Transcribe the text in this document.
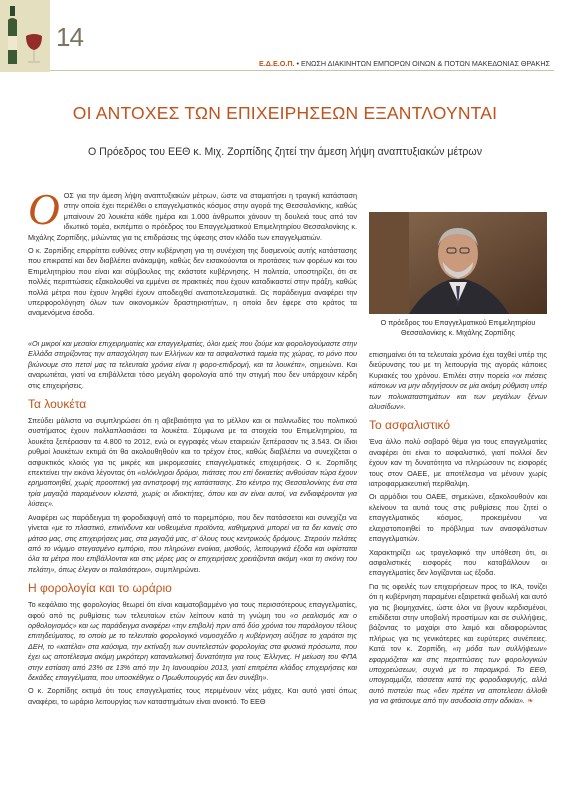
14
Ε.Δ.Ε.Ο.Π. • ΕΝΩΣΗ ΔΙΑΚΙΝΗΤΩΝ ΕΜΠΟΡΩΝ ΟΙΝΩΝ & ΠΟΤΩΝ ΜΑΚΕΔΟΝΙΑΣ ΘΡΑΚΗΣ
ΟΙ ΑΝΤΟΧΕΣ ΤΩΝ ΕΠΙΧΕΙΡΗΣΕΩΝ ΕΞΑΝΤΛΟΥΝΤΑΙ
Ο Πρόεδρος του ΕΕΘ κ. Μιχ. Ζορπίδης ζητεί την άμεση λήψη αναπτυξιακών μέτρων

ΟΟΣ για την άμεση λήψη αναπτυξιακών μέτρων, ώστε να σταματήσει η τραγική κατάσταση στην οποία έχει περιέλθει ο επαγγελματικός κόσμος στην αγορά της Θεσσαλονίκης, καθώς μπαίνουν 20 λουκέτα κάθε ημέρα και 1.000 άνθρωποι χάνουν τη δουλειά τους από τον ιδιωτικό τομέα, εκπέμπει ο πρόεδρος του Επαγγελματικού Επιμελητηρίου Θεσσαλονίκης κ. Μιχάλης Ζορπίδης, μιλώντας για τις επιδράσεις της ύφεσης στον κλάδο των επαγγελματιών.

Ο κ. Ζορπίδης επιρρίπτει ευθύνες στην κυβέρνηση για τη συνέχιση της δυσμενούς αυτής κατάστασης που επικρατεί και δεν διαβλέπει ανάκαμψη, καθώς δεν εισακούονται οι προτάσεις των φορέων και του Επιμελητηρίου που είναι και σύμβουλος της εκάστοτε κυβέρνησης. Η πολιτεία, υποστηρίζει, ότι σε πολλές περιπτώσεις εξακολουθεί να εμμένει σε πρακτικές που έχουν καταδικαστεί στην πράξη, καθώς πολλά μέτρα που έχουν ληφθεί έχουν αποδειχθεί αναποτελεσματικά. Ως παράδειγμα αναφέρει την υπερφορολόγηση όλων των οικονομικών δραστηριοτήτων, η οποία δεν έφερε στο κράτος τα αναμενόμενα έσοδα.

Ο πρόεδρος του Επαγγελματικού Επιμελητηρίου Θεσσαλονίκης κ. Μιχάλης Ζορπίδης

«Οι μικροί και μεσαίοι επιχειρηματίες και επαγγελματίες, όλοι εμείς που ζούμε και φορολογούμαστε στην Ελλάδα στηρίζοντας την απασχόληση των Ελλήνων και τα ασφαλιστικά ταμεία της χώρας, το μόνο που βιώνουμε στο πετσί μας τα τελευταία χρόνια είναι η φορο-επιδρομή, και τα λουκέτα», σημειώνει. Και αναρωτιέται, γιατί να επιβάλλεται τόσο μεγάλη φορολογία από την στιγμή που δεν υπάρχουν κέρδη στις επιχειρήσεις.

Τα λουκέτα

Σπεύδει μάλιστα να συμπληρώσει ότι η αβεβαιότητα για το μέλλον και οι παλινωδίες του πολιτικού συστήματος έχουν πολλαπλασιάσει τα λουκέτα. Σύμφωνα με τα στοιχεία του Επιμελητηρίου, τα λουκέτα ξεπέρασαν τα 4.800 το 2012, ενώ οι εγγραφές νέων εταιρειών ξεπέρασαν τις 3.543. Οι ίδιοι ρυθμοί λουκέτων εκτιμά ότι θα ακολουθηθούν και το τρέχον έτος, καθώς διαβλέπει να συνεχίζεται ο ασφυκτικός κλοιός για τις μικρές και μικρομεσαίες επαγγελματικές επιχειρήσεις. Ο κ. Ζορπίδης επεκτείνει την εικόνα λέγοντας ότι «ολόκληροι δρόμοι, πιάτσες που επί δεκαετίες ανθούσαν τώρα έχουν ερημοποιηθεί, χωρίς προοπτική για αντιστροφή της κατάστασης. Στο κέντρο της Θεσσαλονίκης ένα στα τρία μαγαζιά παραμένουν κλειστά, χωρίς οι ιδιοκτήτες, όπου και αν είναι αυτοί, να ενδιαφέρονται για λύσεις».

Αναφέρει ως παράδειγμα τη φοροδιαφυγή από το παρεμπόριο, που δεν πατάσσεται και συνεχίζει να γίνεται «με το πλαστικό, επικίνδυνα και νοθευμένα προϊόντα, καθημερινά μπορεί να τα δει κανείς στο μάτσο μας, στις επιχειρήσεις μας, στα μαγαζιά μας, σ' όλους τους κεντρικούς δρόμους. Στερούν πελάτες από το νόμιμο στεγασμένο εμπόριο, που πληρώνει ενοίκια, μισθούς, λειτουργικά έξοδα και υφίσταται όλα τα μέτρα που επιβάλλονται και στις μέρες μας οι επιχειρήσεις χρειάζονται ακόμη «και τη σκόνη του πελάτη», όπως έλεγαν οι παλαιότεροι», συμπληρώνει.

Η φορολογία και το ωράριο

Το κεφάλαιο της φορολογίας θεωρεί ότι είναι καιματοβαμμένο για τους περισσότερους επαγγελματίες, αφού από τις ρυθμίσεις των τελευταίων ετών λείπουν κατά τη γνώμη του «ο ρεαλισμός και ο ορθολογισμός» και ως παράδειγμα αναφέρει «την επιβολή πριν από δύο χρόνια του παράλογου τέλους επιτηδεύματος, το οποίο με το τελευταίο φορολογικό νομοσχέδιο η κυβέρνηση αύξησε το χαράτσι της ΔΕΗ, το «κατέλα» στα καύσιμα, την εκτίναξη των συντελεστών φορολογίας στα φυσικά πρόσωπα, που έχει ως αποτέλεσμα ακόμη μικρότερη καταναλωτική δυνατότητα για τους Έλληνες. Η μείωση του ΦΠΑ στην εστίαση από 23% σε 13% από την 1η Ιανουαρίου 2013, γιατί επιτρέπει κλάδος επιχειρήσεις και δεκάδες επαγγέλματα, που υποσκέθηκε ο Πρωθυπουργός και δεν συνέβη».

Ο κ. Ζορπίδης εκτιμά ότι τους επαγγελματίες τους περιμένουν νέες μάχες. Και αυτό γιατί όπως αναφέρει, το ωράριο λειτουργίας των καταστημάτων είναι ανοικτό. Το ΕΕΘ

επισημαίνει ότι τα τελευταία χρόνια έχει ταχθεί υπέρ της διεύρυνσης του με τη λειτουργία της αγοράς κάποιες Κυριακές του χρόνου. Επιλέει στην πορεία «οι πιέσεις κάποιων να μην αδηγήσουν σε μία ακόμη ρύθμιση υπέρ των πολυκαταστημάτων και των μεγάλων ξένων αλυσίδων».

Το ασφαλιστικό

Ένα άλλο πολύ σοβαρό θέμα για τους επαγγελματίες αναφέρει ότι είναι το ασφαλιστικό, γιατί πολλοί δεν έχουν καν τη δυνατότητα να πληρώσουν τις εισφορές τους στον ΟΑΕΕ, με αποτέλεσμα να μένουν χωρίς ιατροφαρμακευτική περίθαλψη.

Οι αρμόδιοι του ΟΑΕΕ, σημειώνει, εξακολουθούν και κλείνουν τα αυτιά τους στις ρυθμίσεις που ζητεί ο επαγγελματικός κόσμος, προκειμένου να ελαχιστοποιηθεί το πρόβλημα των ανασφάλιστων επαγγελματιών.

Χαρακτηρίζει ως τραγελαφικό την υπόθεση ότι, οι ασφαλιστικές εισφορές που καταβάλλουν οι επαγγελματίες δεν λογίζονται ως έξοδα.

Για τις οφειλές των επιχειρήσεων προς το ΙΚΑ, τονίζει ότι η κυβέρνηση παραμένει εξαιρετικά φειδωλή και αυτό για τις βιομηχανίες, ώστε όλοι να βγουν κερδισμένοι, επιδίδεται στην υποβολή προστίμων και σε συλλήψεις, βάζοντας το μαχαίρι στο λαιμό και αδιαφορώντας πλήρως για τις γενικότερες και ευρύτερες συνέπειες. Κατά τον κ. Ζορπίδη, «η μόδα των συλλήψεων» εφαρμόζεται και στις περιπτώσεις των φορολογικών υποχρεώσεων, συχνά με το παραμικρό. Το ΕΕΘ, υπογραμμίζει, τάσσεται κατά της φοροδιαφυγής, αλλά αυτό πιστεύει πως «δεν πρέπει να αποτελεσει άλλοθι για να φτάσουμε από την ασυδοσία στην αδικία». ❧
